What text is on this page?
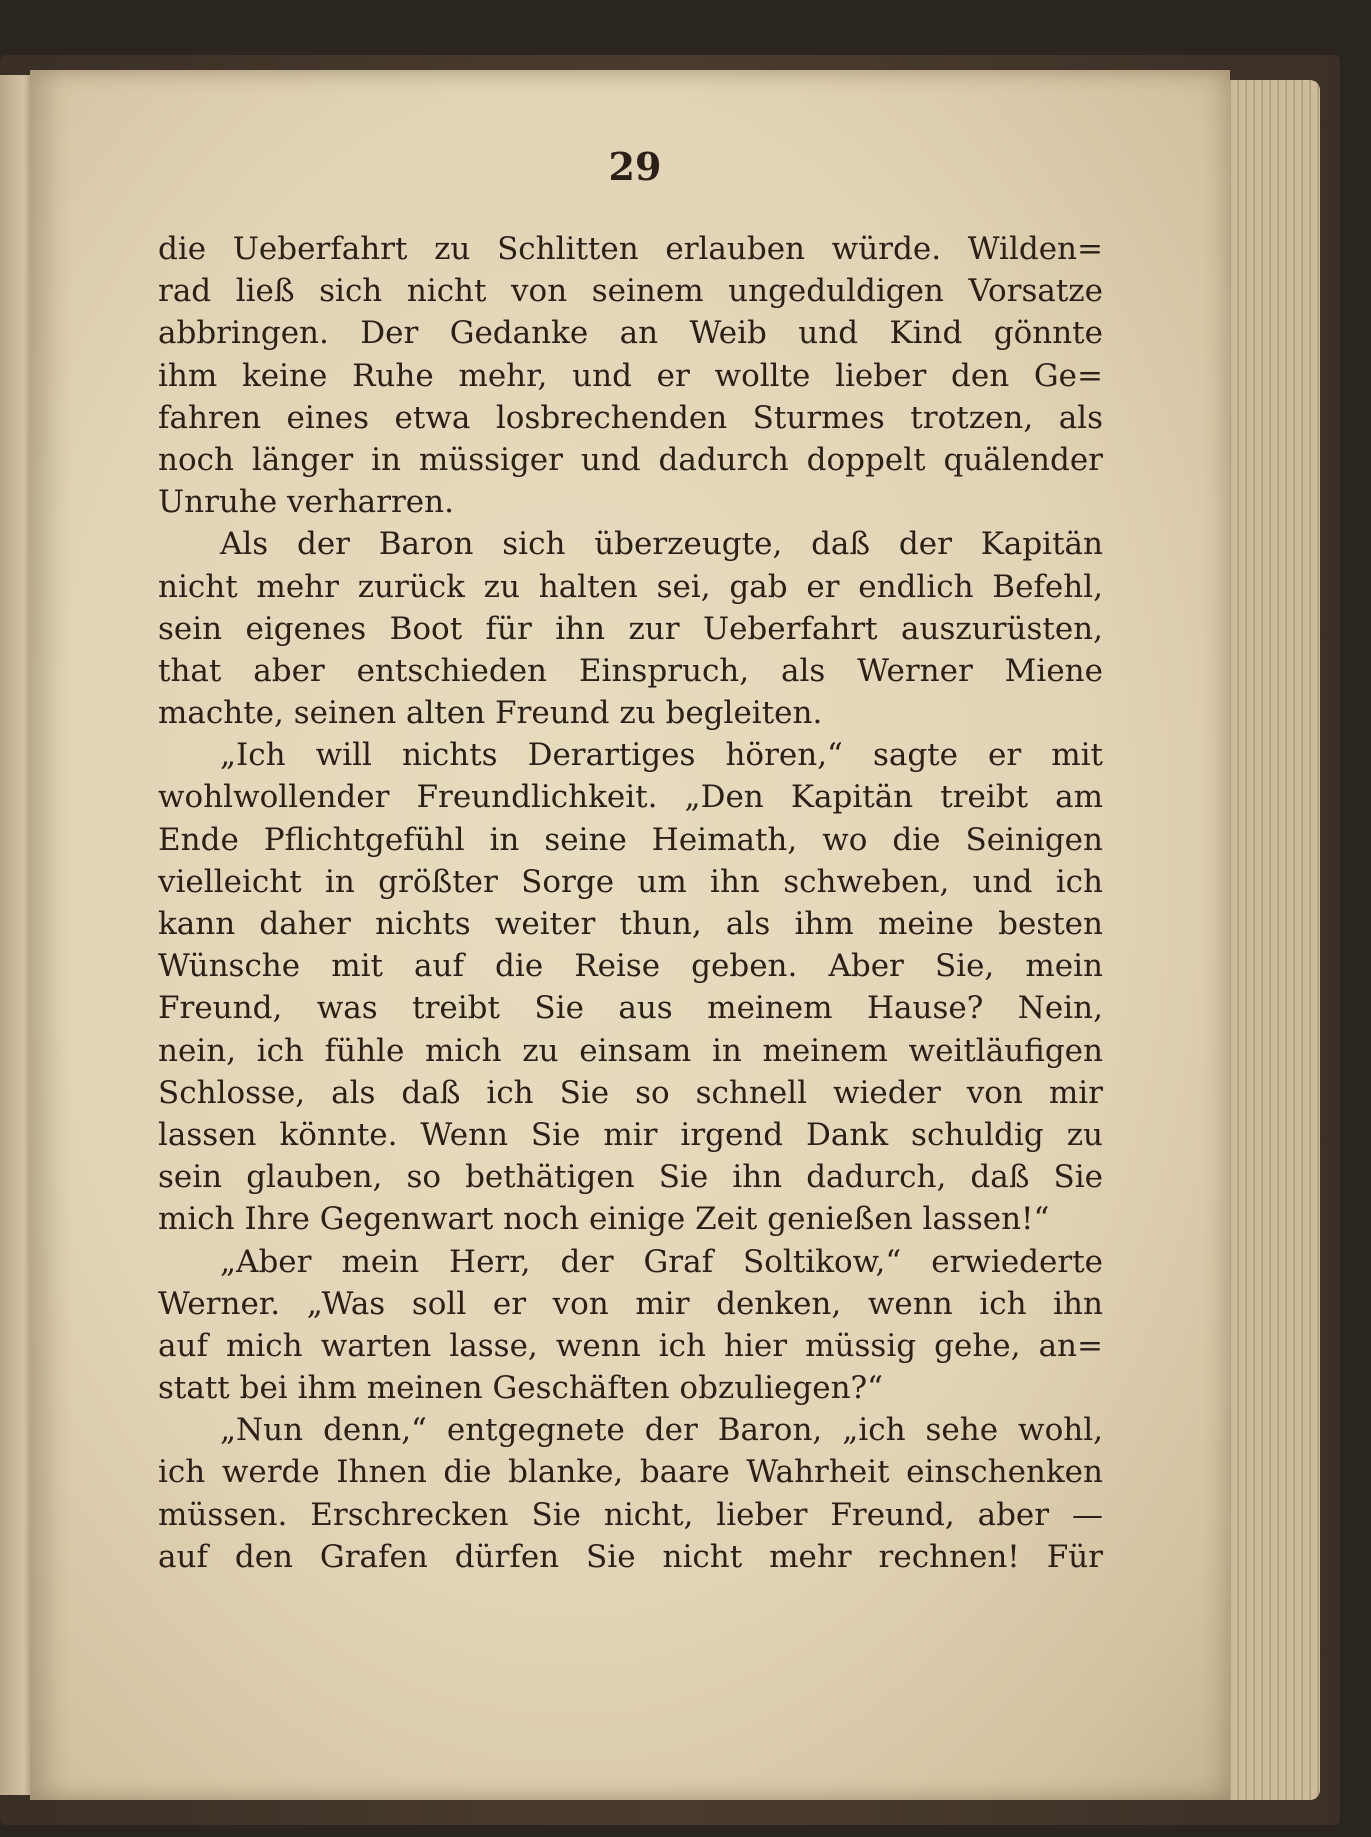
29
die Ueberfahrt zu Schlitten erlauben würde. Wilden=
rad ließ sich nicht von seinem ungeduldigen Vorsatze
abbringen. Der Gedanke an Weib und Kind gönnte
ihm keine Ruhe mehr, und er wollte lieber den Ge=
fahren eines etwa losbrechenden Sturmes trotzen, als
noch länger in müssiger und dadurch doppelt quälender
Unruhe verharren.
Als der Baron sich überzeugte, daß der Kapitän
nicht mehr zurück zu halten sei, gab er endlich Befehl,
sein eigenes Boot für ihn zur Ueberfahrt auszurüsten,
that aber entschieden Einspruch, als Werner Miene
machte, seinen alten Freund zu begleiten.
„Ich will nichts Derartiges hören,“ sagte er mit
wohlwollender Freundlichkeit. „Den Kapitän treibt am
Ende Pflichtgefühl in seine Heimath, wo die Seinigen
vielleicht in größter Sorge um ihn schweben, und ich
kann daher nichts weiter thun, als ihm meine besten
Wünsche mit auf die Reise geben. Aber Sie, mein
Freund, was treibt Sie aus meinem Hause? Nein,
nein, ich fühle mich zu einsam in meinem weitläufigen
Schlosse, als daß ich Sie so schnell wieder von mir
lassen könnte. Wenn Sie mir irgend Dank schuldig zu
sein glauben, so bethätigen Sie ihn dadurch, daß Sie
mich Ihre Gegenwart noch einige Zeit genießen lassen!“
„Aber mein Herr, der Graf Soltikow,“ erwiederte
Werner. „Was soll er von mir denken, wenn ich ihn
auf mich warten lasse, wenn ich hier müssig gehe, an=
statt bei ihm meinen Geschäften obzuliegen?“
„Nun denn,“ entgegnete der Baron, „ich sehe wohl,
ich werde Ihnen die blanke, baare Wahrheit einschenken
müssen. Erschrecken Sie nicht, lieber Freund, aber —
auf den Grafen dürfen Sie nicht mehr rechnen! Für
